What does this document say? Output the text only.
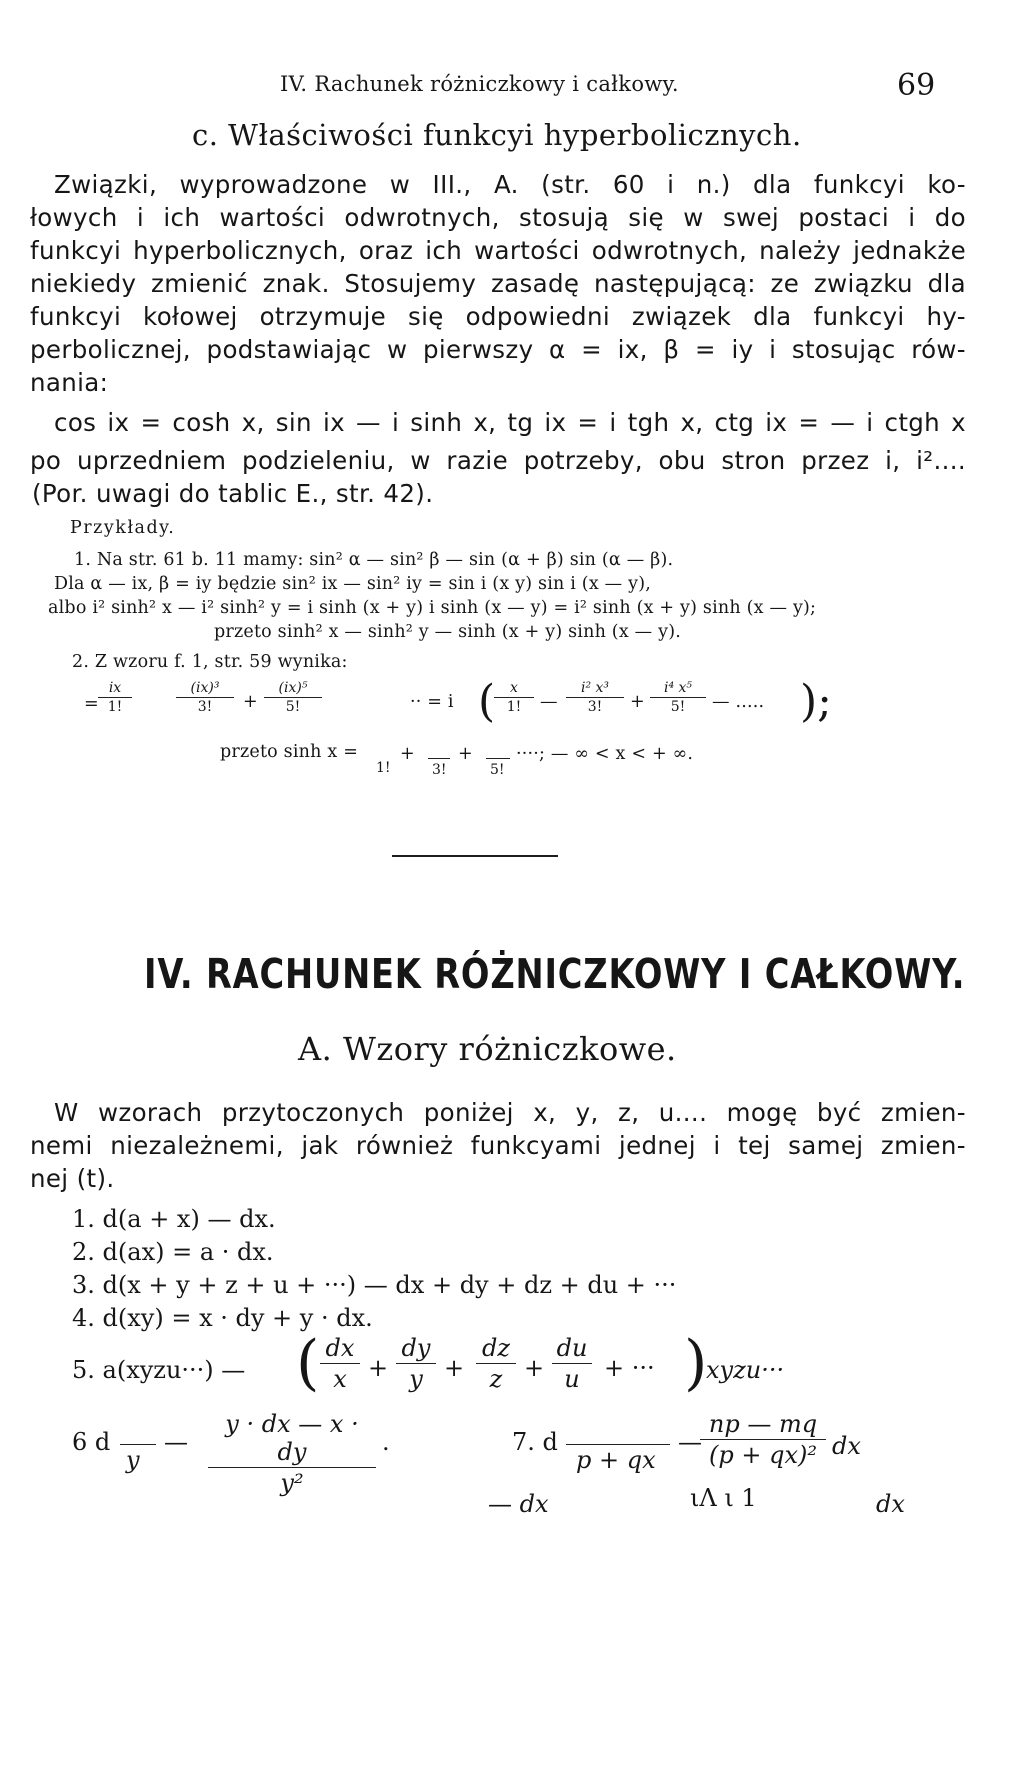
IV. Rachunek różniczkowy i całkowy.	69
c. Właściwości funkcyi hyperbolicznych.
Związki, wyprowadzone w III., A. (str. 60 i n.) dla funkcyi ko-
łowych i ich wartości odwrotnych, stosują się w swej postaci i do
funkcyi hyperbolicznych, oraz ich wartości odwrotnych, należy jednakże
niekiedy zmienić znak. Stosujemy zasadę następującą: ze związku dla
funkcyi kołowej otrzymuje się odpowiedni związek dla funkcyi hy-
perbolicznej, podstawiając w pierwszy α = ix, β = iy i stosując rów-
nania:
cos ix = cosh x, sin ix — i sinh x, tg ix = i tgh x, ctg ix = — i ctgh x
po uprzedniem podzieleniu, w razie potrzeby, obu stron przez i, i²....
(Por. uwagi do tablic E., str. 42).
Przykłady.
1. Na str. 61 b. 11 mamy: sin² α — sin² β — sin (α + β) sin (α — β).
Dla α — ix, β = iy będzie sin² ix — sin² iy = sin i (x y) sin i (x — y),
albo i² sinh² x — i² sinh² y = i sinh (x + y) i sinh (x — y) = i² sinh (x + y) sinh (x — y);
przeto sinh² x — sinh² y — sinh (x + y) sinh (x — y).
2. Z wzoru f. 1, str. 59 wynika:
= $\frac{ix}{1!}$	$\frac{\text{(ix)³}}{3!} + \frac{\text{(ix)⁵}}{5!}$	·· = i (
$\frac{x}{1!}$ — $\frac{\text{i² x³}}{3!} + \frac{\text{i⁴ x⁵}}{5!}$ — ..... );
przeto sinh x =
1!
+
3!
+
5!
····; — ∞ < x < + ∞.
IV. RACHUNEK RÓŻNICZKOWY I CAŁKOWY.
A. Wzory różniczkowe.
W wzorach przytoczonych poniżej x, y, z, u.... mogę być zmien-
nemi niezależnemi, jak również funkcyami jednej i tej samej zmien-
nej (t).
1. d(a + x) — dx.
2. d(ax) = a · dx.
3. d(x + y + z + u + ···) — dx + dy + dz + du + ···
4. d(xy) = x · dy + y · dx.
5. a(xyzu···) — ( $\frac{dx}{x} + \frac{dy}{y} + \frac{dz}{z} + \frac{du}{u}$ + ··· )
xyzu···
6 d
y
— $\frac{y \cdot dx — x \cdot dy}{\text{y²}}$ .	7. d

p + qx
—
$\frac{np — mq}{\text{(p + qx)²}}$ dx
— dx	ιΛ ι 1	dx
